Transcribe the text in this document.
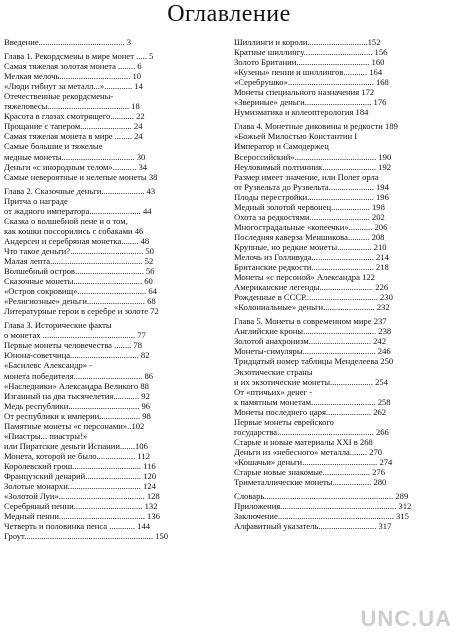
Оглавление
Введение........................................ 3
Глава 1. Рекордсмены в мире монет ..... 5
Самая тяжелая золотая монета ........ 6
Мелкая мелочь................................. 10
«Люди гибнут за металл...»............. 14
Отечественные рекордсмены-
тяжеловесы...................................... 18
Красота в глазах смотрящего........... 22
Прощание с тапером........................ 24
Самая тяжелая монета в мире ........ 24
Самые большие и тяжелые
медные монеты.................................. 30
Деньги «с инородным телом»........... 34
Самые невероятные и нелепые монеты 38
Глава 2. Сказочные деньги.................... 43
Притча о награде
от жадного императора........................ 44
Сказка о волшебной пене и о том,
как кошки поссорились с собаками 46
Андерсен и серебряная монетка........ 48
Что такое деньги?.................................. 50
Малая лепта........................................... 52
Волшебный остров................................ 56
Сказочные монеты................................ 60
«Остров сокровищ»................................ 64
«Религиозные» деньги........................... 68
Литературные герои в серебре и золоте 72
Глава 3. Исторические факты
о монетах ........................................... 77
Первые монеты человечества ........ 78
Юнона-советчица................................ 82
«Басилевс Александр» -
монета победителя................................ 86
«Наследники» Александра Великого 88
Изганный на два тысячелетия............ 92
Медь республики................................. 96
От республики к империи................... 98
Памятные монеты «с персонами»..102
«Пиастры... пиастры!»
или Пиратские деньги Испании.......106
Монета, которой не было.................. 112
Королевский грош................................ 116
Французский денарий.......................... 120
Золотые монархи.................................. 124
«Золотой Луи»........................................ 128
Серебряный пенни................................ 132
Медный пенни........................................ 136
Четверть и половинка пенса ............ 144
Гроут............................................................ 150
Шиллинги и короли............................152
Кратные шиллингу................................ 156
Золото Британии.................................. 160
«Кузены» пенни и шиллингов........... 164
«Серебрушко»........................................ 168
Монеты специального назначения 172
«Звериные» деньги............................... 176
Нумизматика и колеоптерология 184
Глава 4. Монетные диковины и редкости 189
«Божьей Милостью Константин I
Император и Самодержец
Всероссийский»...................................... 190
Неуловимый полтинник......................... 192
Размер имеет значение, или Полет орла
от Рузвельта до Рузвельта..................... 194
Плоды перестройки............................... 196
Медный золотой червонец.................. 198
Охота за редкостями............................ 202
Многострадальные «копеечки»........... 206
Последняя каверза Меншикова.......... 208
Крупные, но редкие монеты................ 210
Мелочь из Голливуда............................. 214
Британские редкости............................. 218
Монеты «с персоной» Александра 122
Американские легенды......................... 226
Рожденные в СССР.................................. 230
«Колониальные» деньги........................ 232
Глава 5. Монеты в современном мире 237
Английские кроны.................................. 238
Золотой анахронизм............................. 242
Монеты-симуляры.................................. 246
Тридцатый номер таблицы Менделеева 250
Экзотические страны
и их экзотические монеты.................... 254
От «птичьих» денег -
к памятным монетам.............................. 258
Монеты последнего царя..................... 262
Первые монеты еврейского
государства............................................. 266
Старые и новые материалы XXI в 268
Деньги из «небесного» металла........ 270
«Кошачьи» деньги................................... 274
Старые новые знакомые...................... 276
Триметаллические монеты.................. 280
Словарь............................................................ 289
Приложения...................................................... 312
Заключение...................................................... 315
Алфавитный указатель........................... 317
UNC.UA
